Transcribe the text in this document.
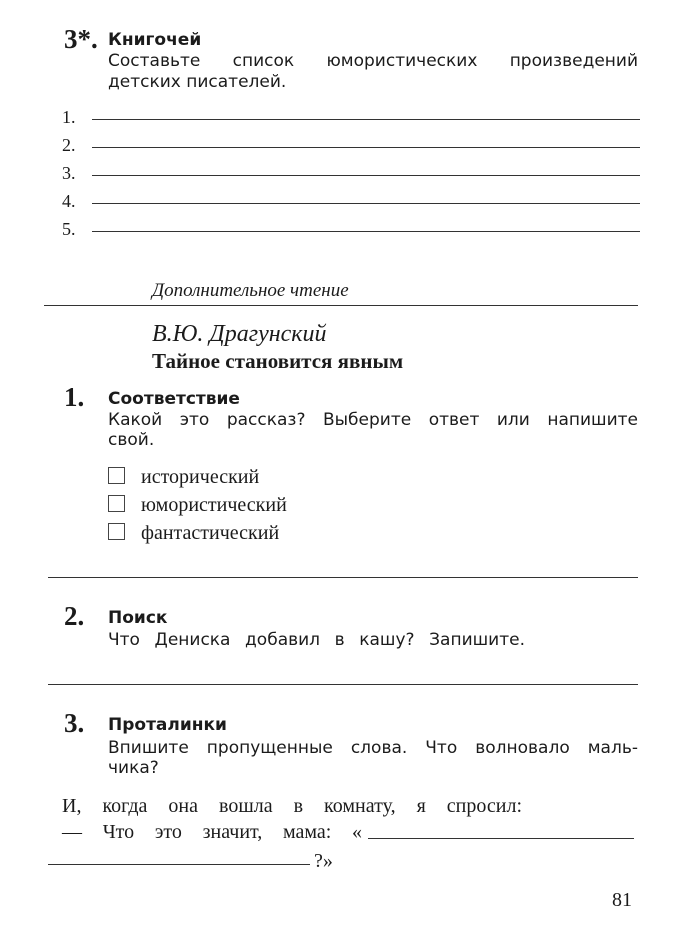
3*. Книгочей
Составьте список юмористических произведений
детских писателей.
1.
2.
3.
4.
5.
Дополнительное чтение
В.Ю. Драгунский
Тайное становится явным
1. Соответствие
Какой это рассказ? Выберите ответ или напишите
свой.
исторический
юмористический
фантастический
2. Поиск
Что Дениска добавил в кашу? Запишите.
3. Проталинки
Впишите пропущенные слова. Что волновало маль-
чика?
И, когда она вошла в комнату, я спросил:
— Что это значит, мама: «
?»
81
